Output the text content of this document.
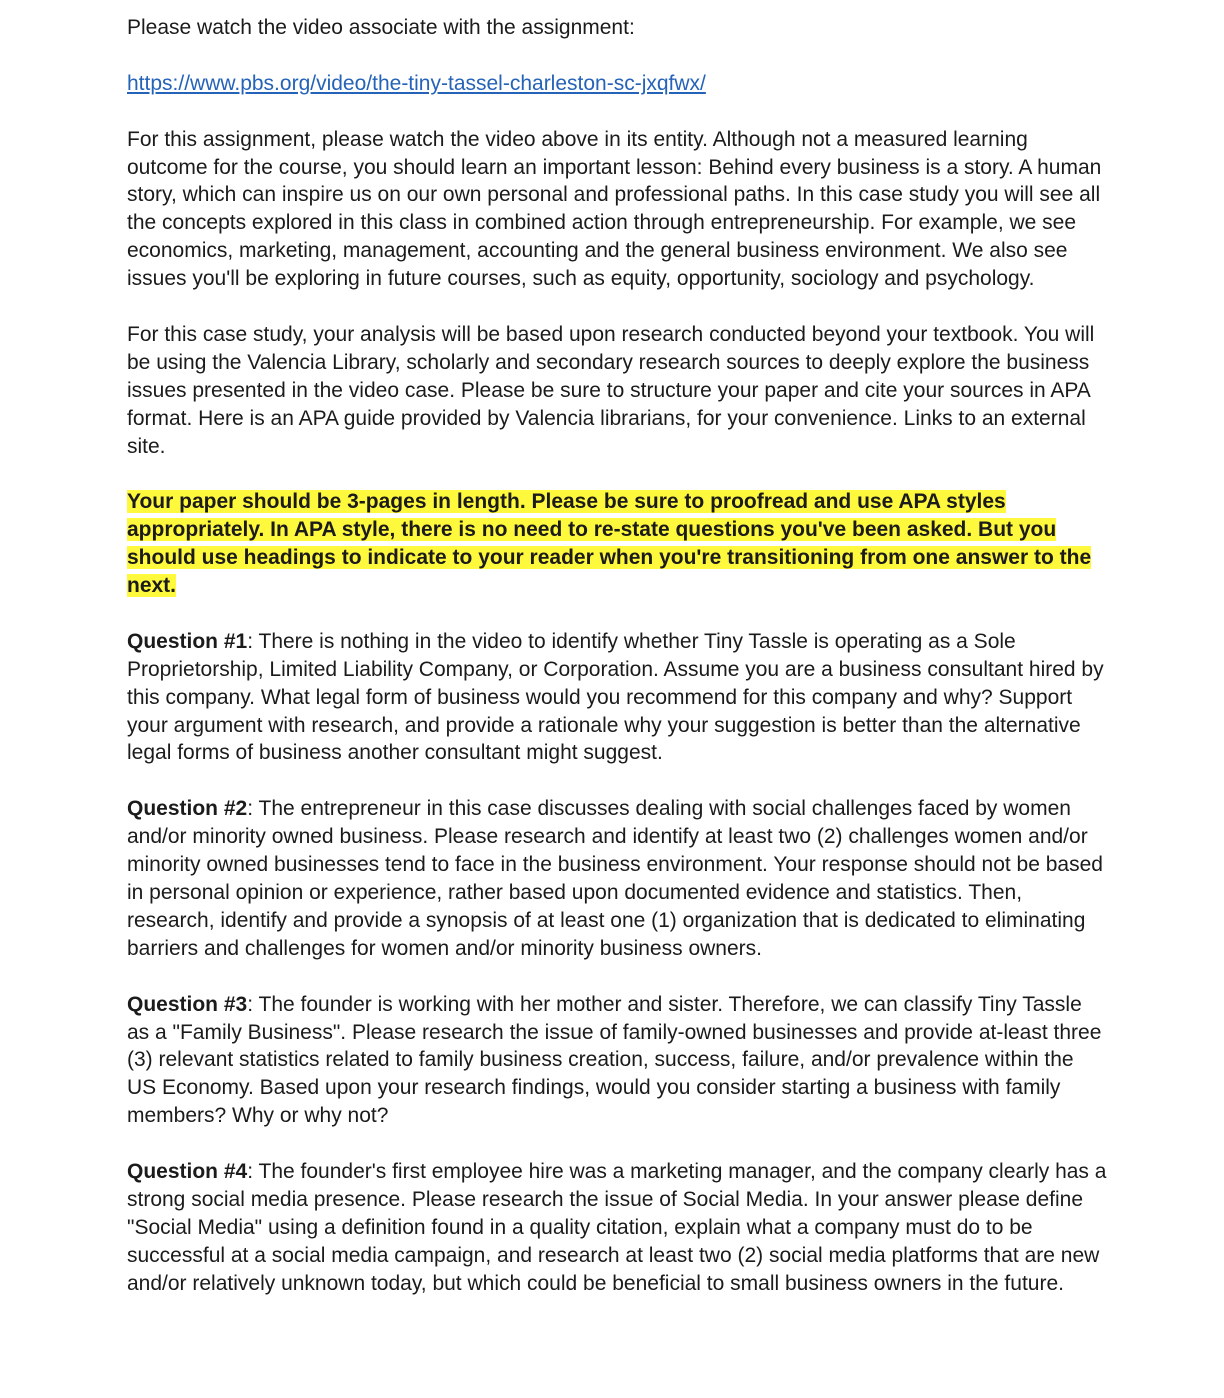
Please watch the video associate with the assignment:

https://www.pbs.org/video/the-tiny-tassel-charleston-sc-jxqfwx/

For this assignment, please watch the video above in its entity. Although not a measured learning outcome for the course, you should learn an important lesson: Behind every business is a story. A human story, which can inspire us on our own personal and professional paths. In this case study you will see all the concepts explored in this class in combined action through entrepreneurship. For example, we see economics, marketing, management, accounting and the general business environment. We also see issues you'll be exploring in future courses, such as equity, opportunity, sociology and psychology.

For this case study, your analysis will be based upon research conducted beyond your textbook. You will be using the Valencia Library, scholarly and secondary research sources to deeply explore the business issues presented in the video case. Please be sure to structure your paper and cite your sources in APA format. Here is an APA guide provided by Valencia librarians, for your convenience. Links to an external site.

Your paper should be 3-pages in length. Please be sure to proofread and use APA styles appropriately. In APA style, there is no need to re-state questions you've been asked. But you should use headings to indicate to your reader when you're transitioning from one answer to the next.

Question #1: There is nothing in the video to identify whether Tiny Tassle is operating as a Sole Proprietorship, Limited Liability Company, or Corporation. Assume you are a business consultant hired by this company. What legal form of business would you recommend for this company and why? Support your argument with research, and provide a rationale why your suggestion is better than the alternative legal forms of business another consultant might suggest.

Question #2: The entrepreneur in this case discusses dealing with social challenges faced by women and/or minority owned business. Please research and identify at least two (2) challenges women and/or minority owned businesses tend to face in the business environment. Your response should not be based in personal opinion or experience, rather based upon documented evidence and statistics. Then, research, identify and provide a synopsis of at least one (1) organization that is dedicated to eliminating barriers and challenges for women and/or minority business owners.

Question #3: The founder is working with her mother and sister. Therefore, we can classify Tiny Tassle as a "Family Business". Please research the issue of family-owned businesses and provide at-least three (3) relevant statistics related to family business creation, success, failure, and/or prevalence within the US Economy. Based upon your research findings, would you consider starting a business with family members? Why or why not?

Question #4: The founder's first employee hire was a marketing manager, and the company clearly has a strong social media presence. Please research the issue of Social Media. In your answer please define "Social Media" using a definition found in a quality citation, explain what a company must do to be successful at a social media campaign, and research at least two (2) social media platforms that are new and/or relatively unknown today, but which could be beneficial to small business owners in the future.
